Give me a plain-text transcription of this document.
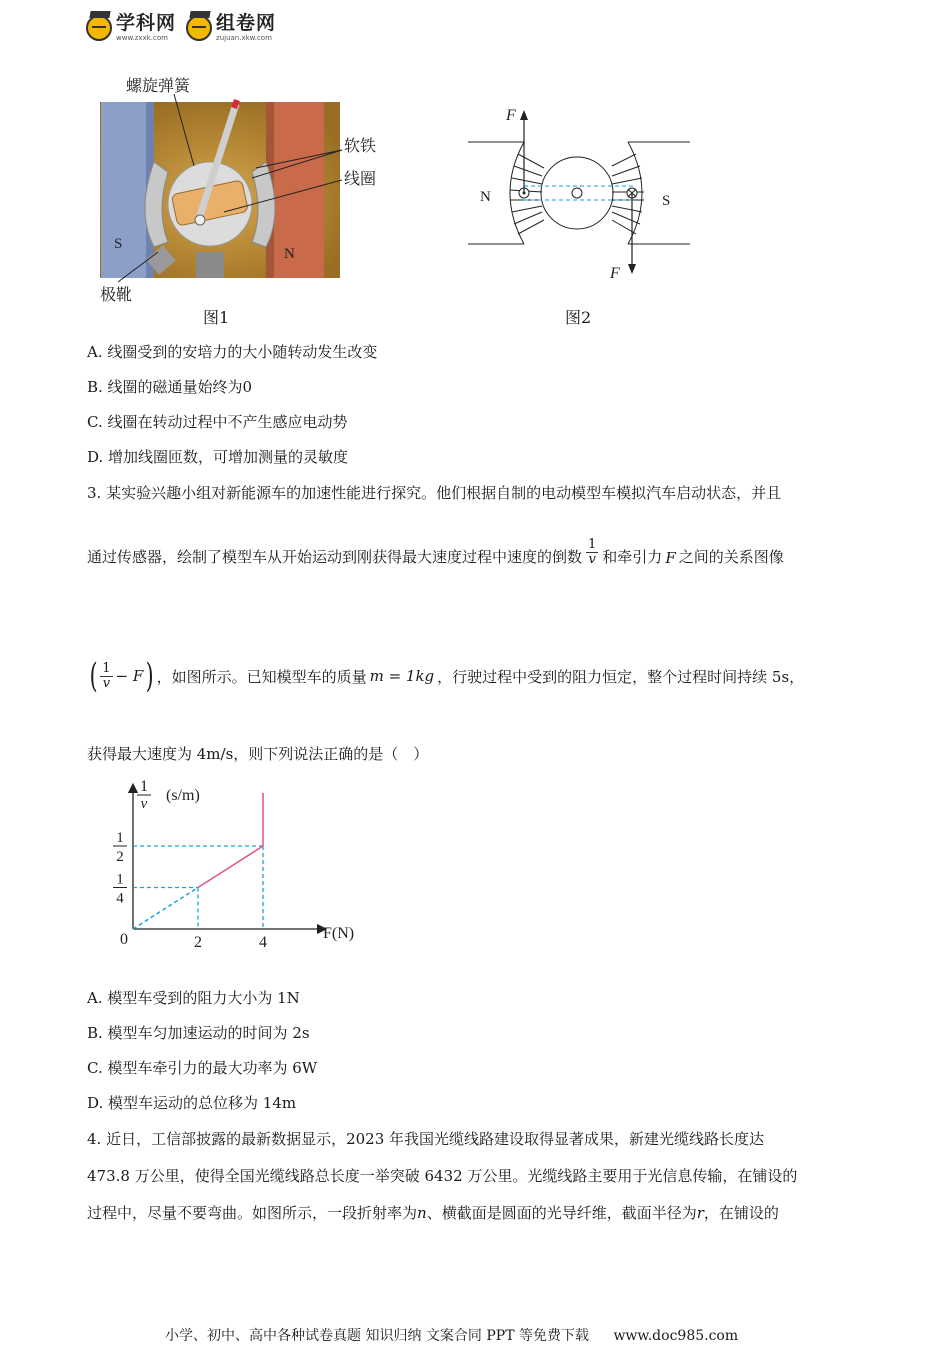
学科网
www.zxxk.com
组卷网
zujuan.xkw.com
S
N
螺旋弹簧
软铁
线圈
极靴
图1
F
F
N	S
图2
A. 线圈受到的安培力的大小随转动发生改变
B. 线圈的磁通量始终为0
C. 线圈在转动过程中不产生感应电动势
D. 增加线圈匝数，可增加测量的灵敏度
3. 某实验兴趣小组对新能源车的加速性能进行探究。他们根据自制的电动模型车模拟汽车启动状态，并且
通过传感器，绘制了模型车从开始运动到刚获得最大速度过程中速度的倒数 $\frac{1}{v}$ 和牵引力 F 之间的关系图像
( $\frac{1}{v} - F$ ) ，如图所示。已知模型车的质量 m = 1kg ，行驶过程中受到的阻力恒定，整个过程时间持续 5s，
获得最大速度为 4m/s，则下列说法正确的是（　）
2	4
1
4
1
2
1
v (s/m)
F(N)
0
A. 模型车受到的阻力大小为 1N
B. 模型车匀加速运动的时间为 2s
C. 模型车牵引力的最大功率为 6W
D. 模型车运动的总位移为 14m
4. 近日，工信部披露的最新数据显示，2023 年我国光缆线路建设取得显著成果，新建光缆线路长度达
473.8 万公里，使得全国光缆线路总长度一举突破 6432 万公里。光缆线路主要用于光信息传输，在铺设的
过程中，尽量不要弯曲。如图所示，一段折射率为n、横截面是圆面的光导纤维，截面半径为r，在铺设的
小学、初中、高中各种试卷真题 知识归纳 文案合同 PPT 等免费下载 www.doc985.com
